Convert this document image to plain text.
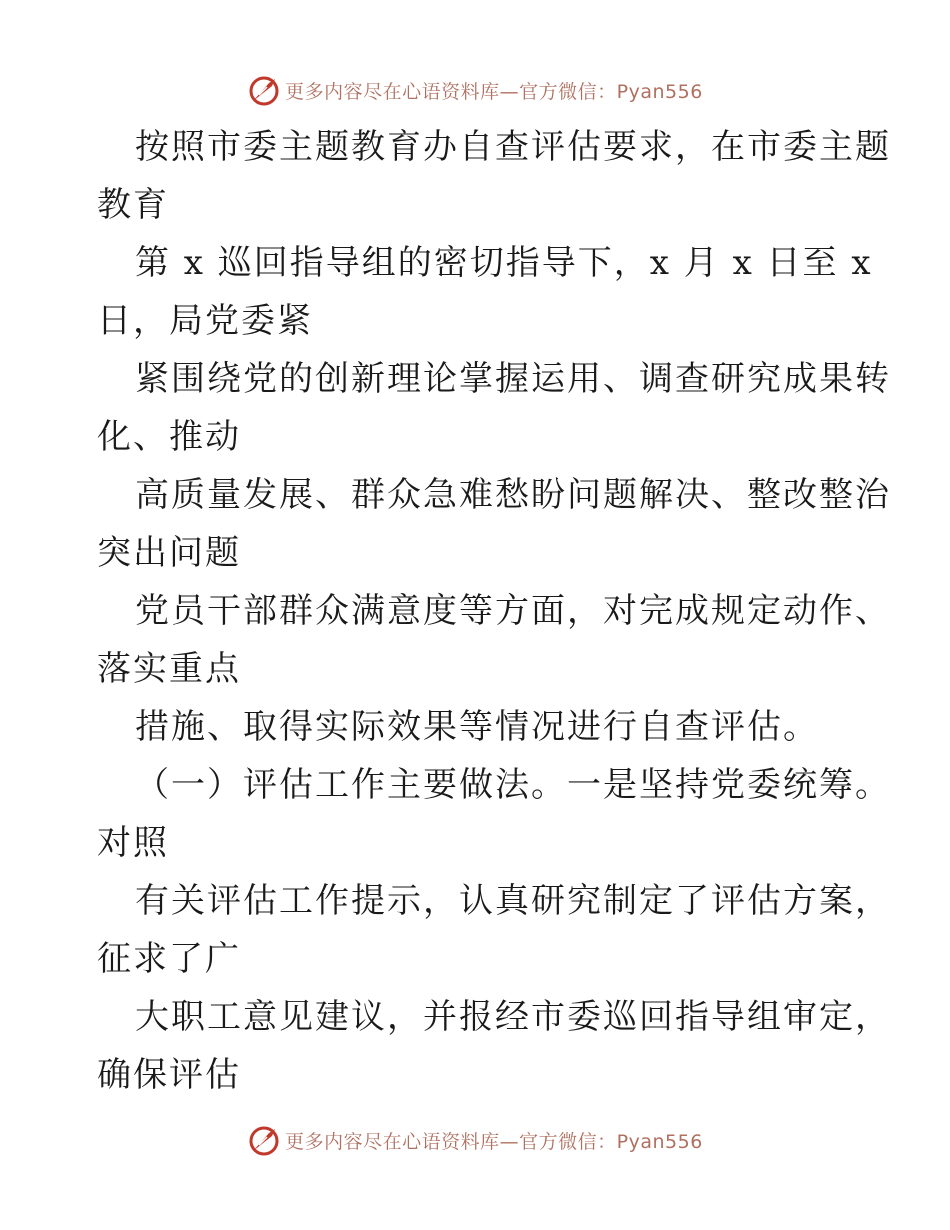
更多内容尽在心语资料库—官方微信：Pyan556
按照市委主题教育办自查评估要求，在市委主题
教育
第 x 巡回指导组的密切指导下，x 月 x 日至 x
日，局党委紧
紧围绕党的创新理论掌握运用、调查研究成果转
化、推动
高质量发展、群众急难愁盼问题解决、整改整治
突出问题
党员干部群众满意度等方面，对完成规定动作、
落实重点
措施、取得实际效果等情况进行自查评估。
（一）评估工作主要做法。一是坚持党委统筹。
对照
有关评估工作提示，认真研究制定了评估方案，
征求了广
大职工意见建议，并报经市委巡回指导组审定，
确保评估
更多内容尽在心语资料库—官方微信：Pyan556
